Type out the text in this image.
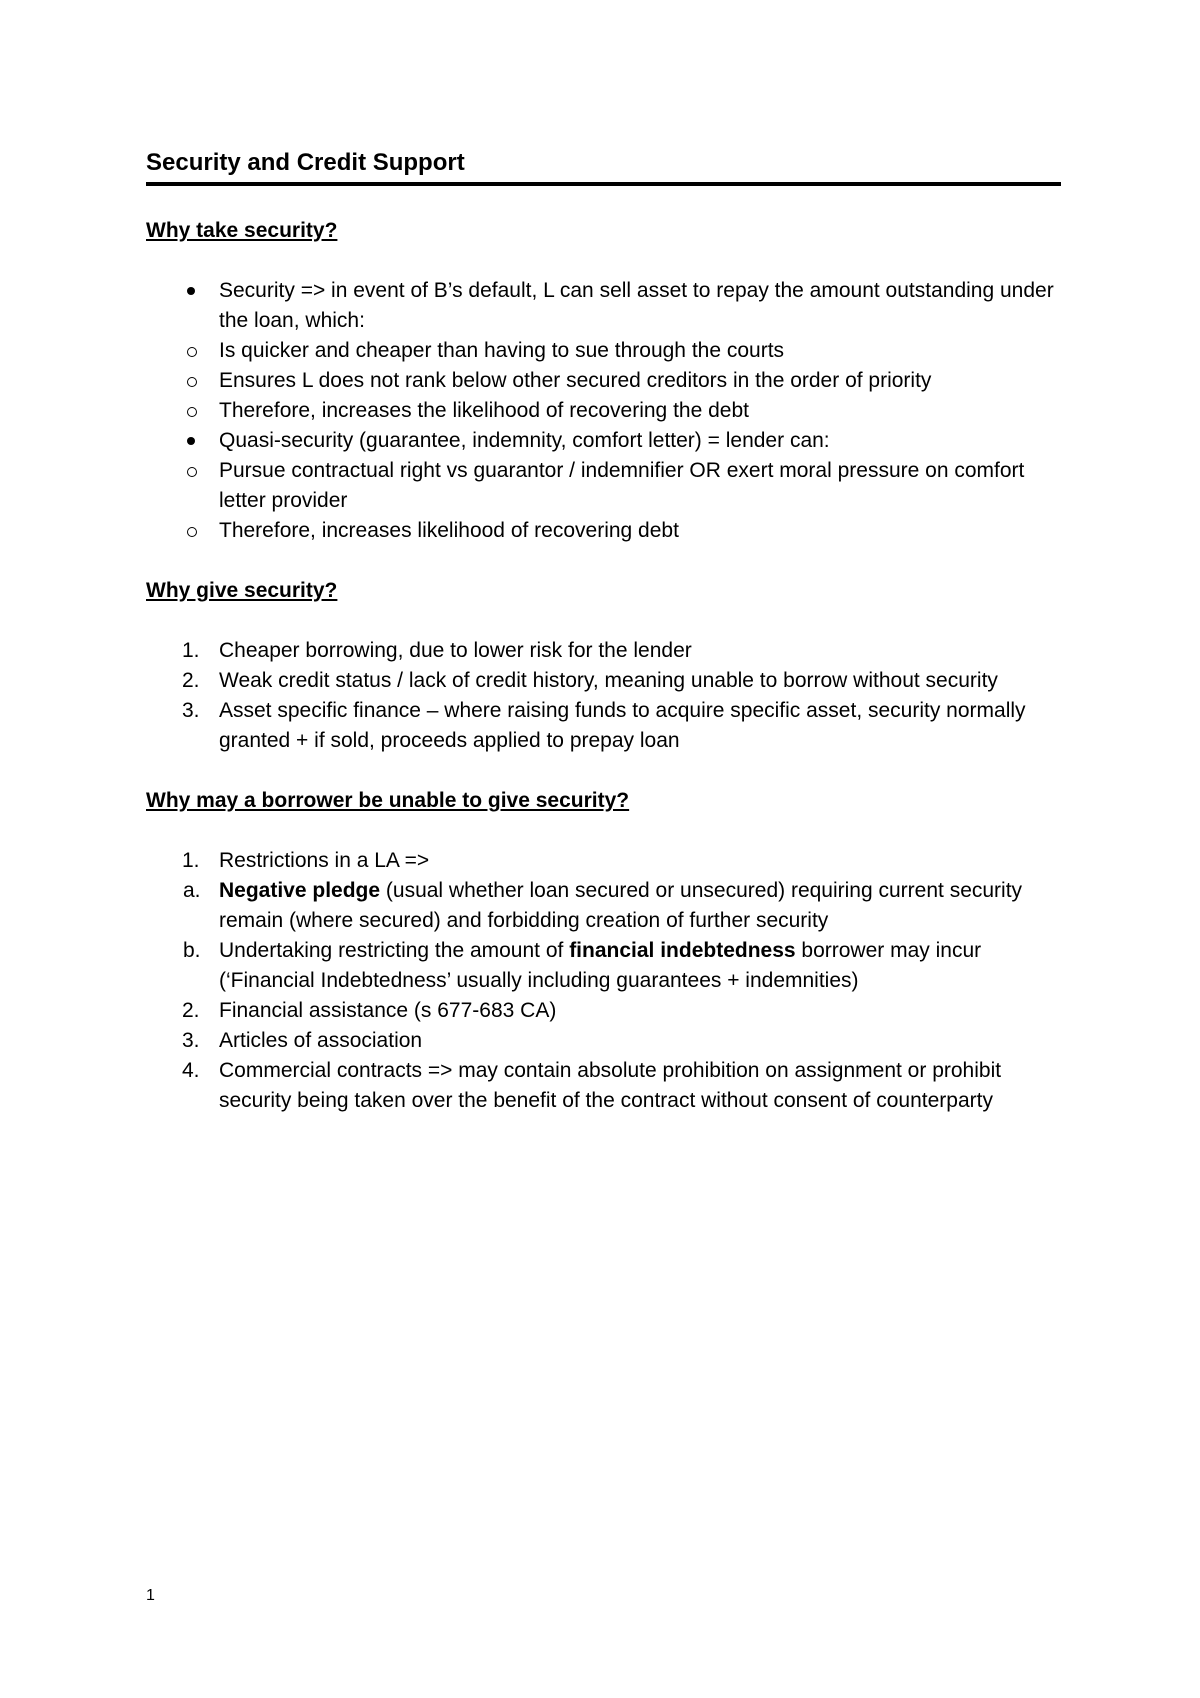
Security and Credit Support

Why take security?

Security => in event of B’s default, L can sell asset to repay the amount outstanding under the loan, which:
Is quicker and cheaper than having to sue through the courts
Ensures L does not rank below other secured creditors in the order of priority
Therefore, increases the likelihood of recovering the debt
Quasi-security (guarantee, indemnity, comfort letter) = lender can:
Pursue contractual right vs guarantor / indemnifier OR exert moral pressure on comfort letter provider
Therefore, increases likelihood of recovering debt

Why give security?

1. Cheaper borrowing, due to lower risk for the lender
2. Weak credit status / lack of credit history, meaning unable to borrow without security
3. Asset specific finance – where raising funds to acquire specific asset, security normally granted + if sold, proceeds applied to prepay loan

Why may a borrower be unable to give security?

1. Restrictions in a LA =>
a. Negative pledge (usual whether loan secured or unsecured) requiring current security remain (where secured) and forbidding creation of further security
b. Undertaking restricting the amount of financial indebtedness borrower may incur (‘Financial Indebtedness’ usually including guarantees + indemnities)
2. Financial assistance (s 677-683 CA)
3. Articles of association
4. Commercial contracts => may contain absolute prohibition on assignment or prohibit security being taken over the benefit of the contract without consent of counterparty
1
